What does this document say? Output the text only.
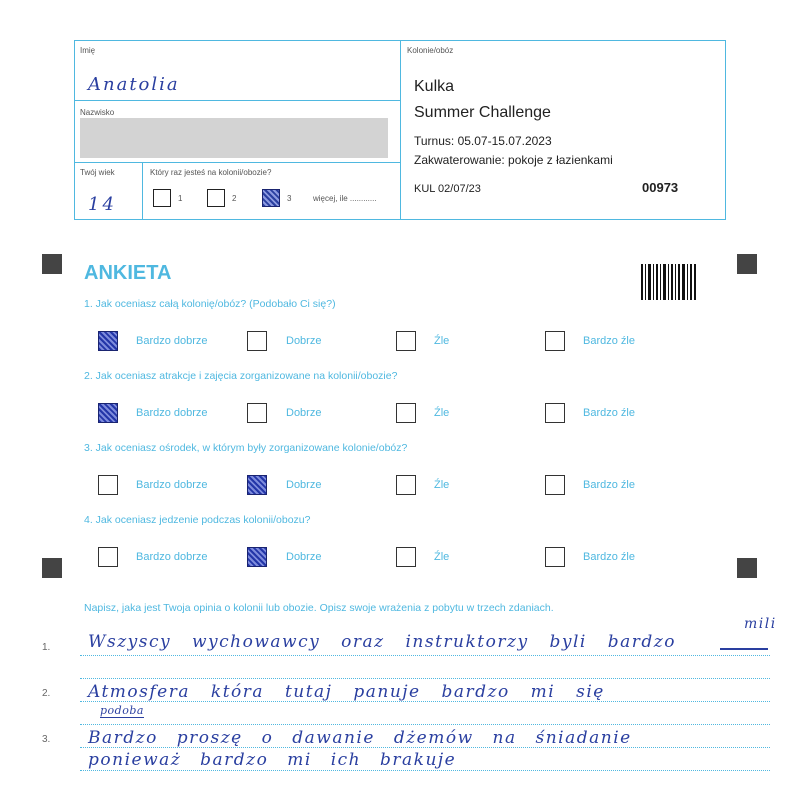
Imię
Anatolia
Nazwisko
Twój wiek
14
Który raz jesteś na kolonii/obozie?
1	2	3	więcej, ile ............
Kolonie/obóz
Kulka
Summer Challenge
Turnus: 05.07-15.07.2023
Zakwaterowanie: pokoje z łazienkami
KUL 02/07/23	00973
ANKIETA
1. Jak oceniasz całą kolonię/obóz? (Podobało Ci się?)
Bardzo dobrze	Dobrze	Źle	Bardzo źle
2. Jak oceniasz atrakcje i zajęcia zorganizowane na kolonii/obozie?
Bardzo dobrze	Dobrze	Źle	Bardzo źle
3. Jak oceniasz ośrodek, w którym były zorganizowane kolonie/obóz?
Bardzo dobrze	Dobrze	Źle	Bardzo źle
4. Jak oceniasz jedzenie podczas kolonii/obozu?
Bardzo dobrze	Dobrze	Źle	Bardzo źle
Napisz, jaka jest Twoja opinia o kolonii lub obozie. Opisz swoje wrażenia z pobytu w trzech zdaniach.
1.
2.
3.
Wszyscy wychowawcy oraz instruktorzy byli bardzo
mili
Atmosfera która tutaj panuje bardzo mi się
podoba
Bardzo proszę o dawanie dżemów na śniadanie
ponieważ bardzo mi ich brakuje
